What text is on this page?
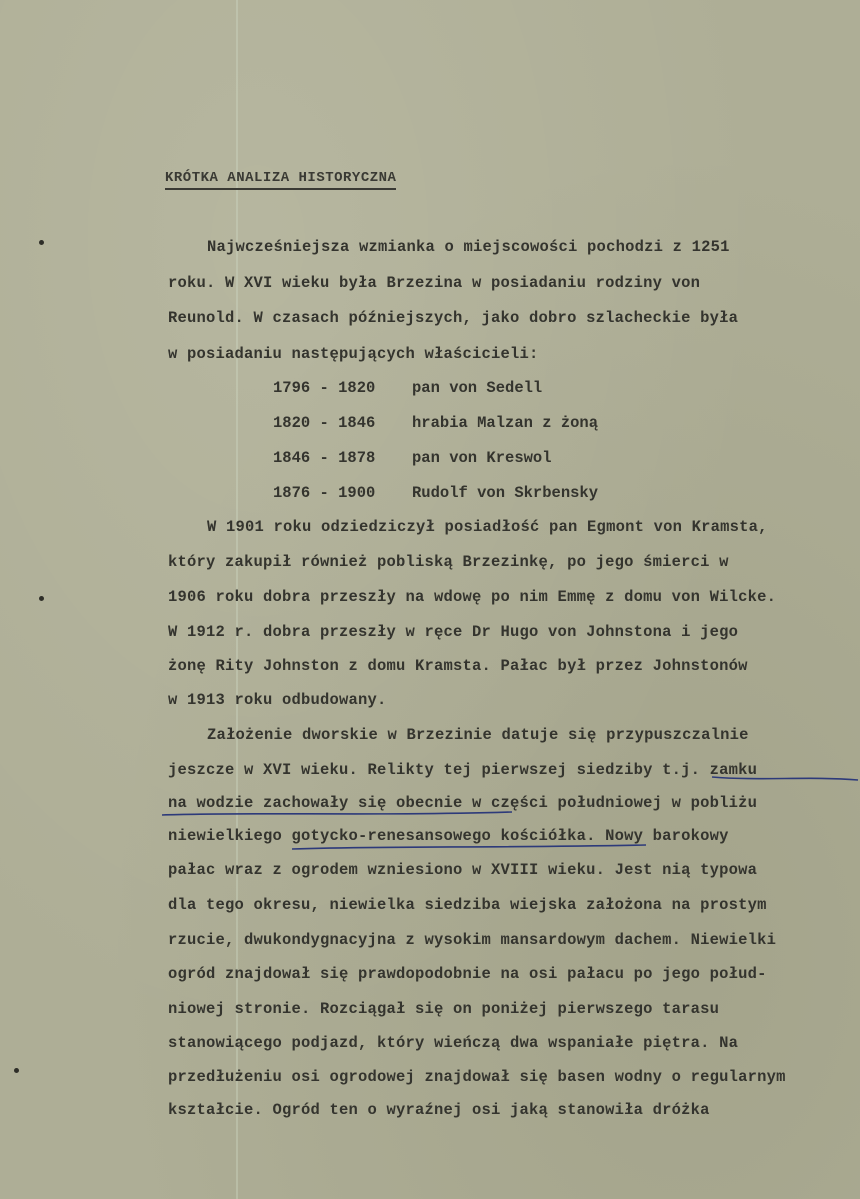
KRÓTKA ANALIZA HISTORYCZNA
Najwcześniejsza wzmianka o miejscowości pochodzi z 1251
roku. W XVI wieku była Brzezina w posiadaniu rodziny von
Reunold. W czasach późniejszych, jako dobro szlacheckie była
w posiadaniu następujących właścicieli:
1796 - 1820 pan von Sedell
1820 - 1846 hrabia Malzan z żoną
1846 - 1878 pan von Kreswol
1876 - 1900 Rudolf von Skrbensky
W 1901 roku odziedziczył posiadłość pan Egmont von Kramsta,
który zakupił również pobliską Brzezinkę, po jego śmierci w
1906 roku dobra przeszły na wdowę po nim Emmę z domu von Wilcke.
W 1912 r. dobra przeszły w ręce Dr Hugo von Johnstona i jego
żonę Rity Johnston z domu Kramsta. Pałac był przez Johnstonów
w 1913 roku odbudowany.
Założenie dworskie w Brzezinie datuje się przypuszczalnie
jeszcze w XVI wieku. Relikty tej pierwszej siedziby t.j. zamku
na wodzie zachowały się obecnie w części południowej w pobliżu
niewielkiego gotycko-renesansowego kościółka. Nowy barokowy
pałac wraz z ogrodem wzniesiono w XVIII wieku. Jest nią typowa
dla tego okresu, niewielka siedziba wiejska założona na prostym
rzucie, dwukondygnacyjna z wysokim mansardowym dachem. Niewielki
ogród znajdował się prawdopodobnie na osi pałacu po jego połud-
niowej stronie. Rozciągał się on poniżej pierwszego tarasu
stanowiącego podjazd, który wieńczą dwa wspaniałe piętra. Na
przedłużeniu osi ogrodowej znajdował się basen wodny o regularnym
kształcie. Ogród ten o wyraźnej osi jaką stanowiła dróżka
